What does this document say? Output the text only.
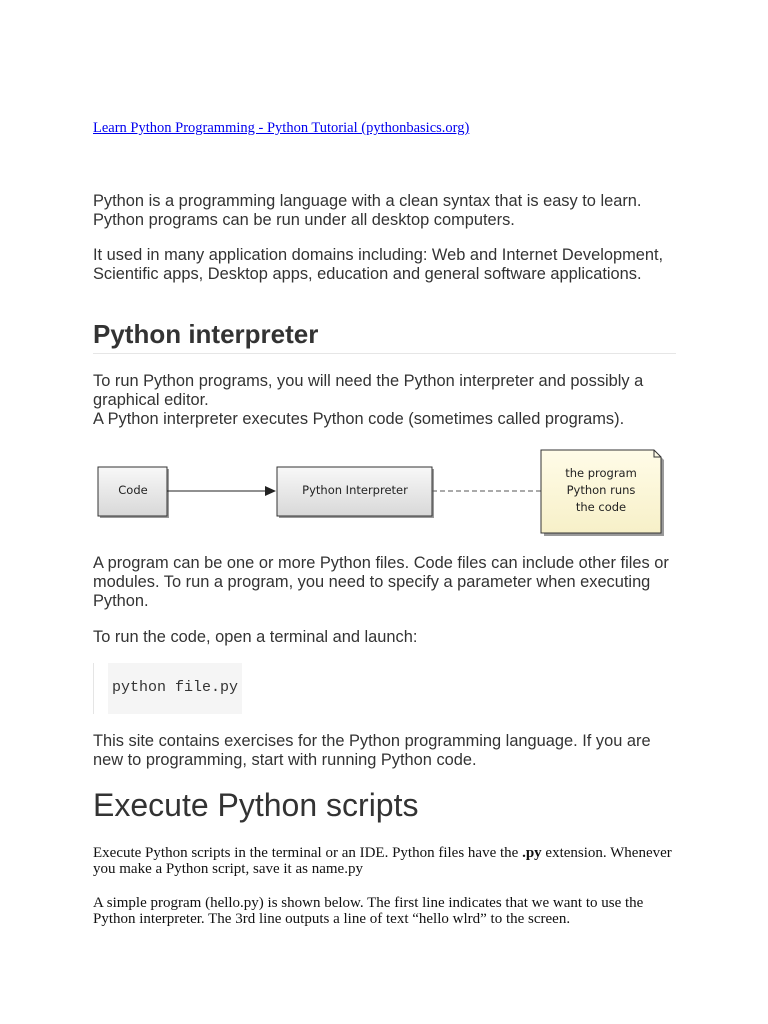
Learn Python Programming - Python Tutorial (pythonbasics.org)

Python is a programming language with a clean syntax that is easy to learn. Python programs can be run under all desktop computers.

It used in many application domains including: Web and Internet Development, Scientific apps, Desktop apps, education and general software applications.

Python interpreter

To run Python programs, you will need the Python interpreter and possibly a graphical editor.
A Python interpreter executes Python code (sometimes called programs).

Code	Python Interpreter
the program
Python runs
the code

A program can be one or more Python files. Code files can include other files or modules. To run a program, you need to specify a parameter when executing Python.

To run the code, open a terminal and launch:

python file.py

This site contains exercises for the Python programming language. If you are new to programming, start with running Python code.

Execute Python scripts

Execute Python scripts in the terminal or an IDE. Python files have the .py extension. Whenever you make a Python script, save it as name.py

A simple program (hello.py) is shown below. The first line indicates that we want to use the Python interpreter. The 3rd line outputs a line of text “hello wlrd” to the screen.
